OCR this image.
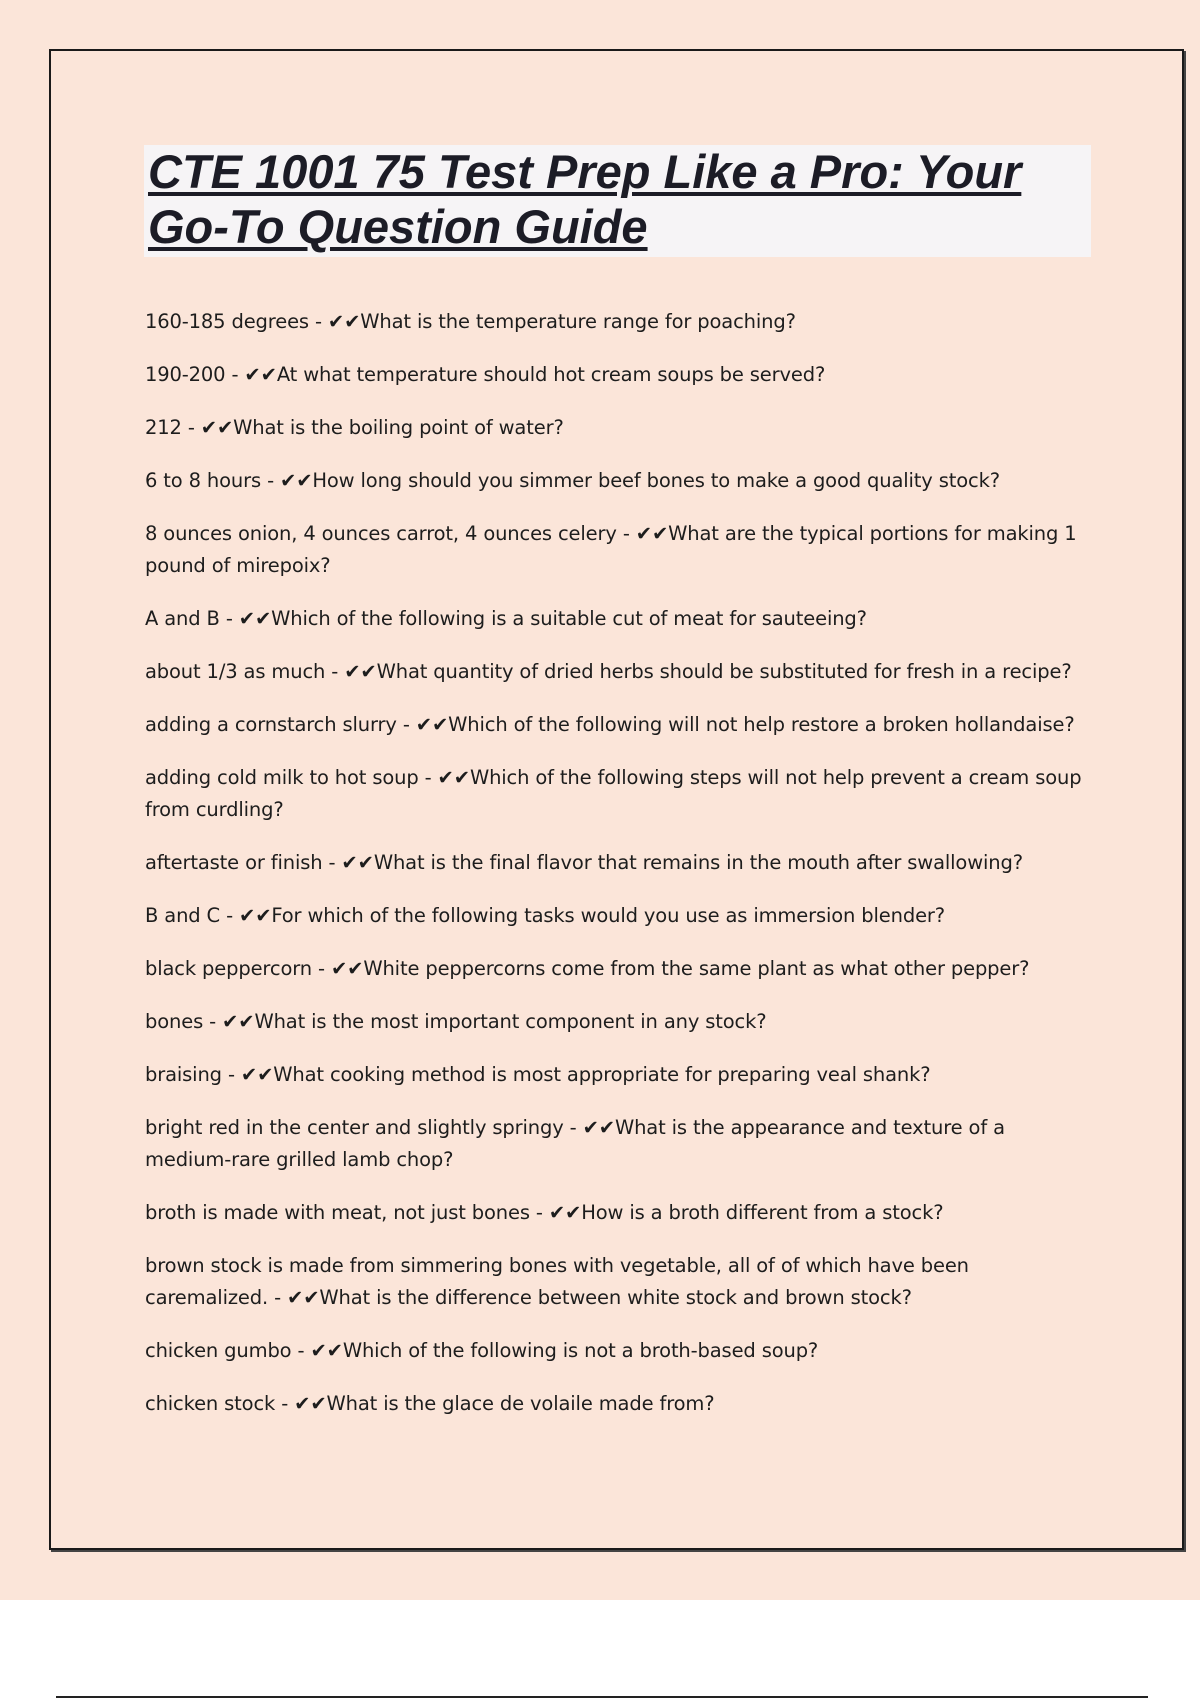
CTE 1001 75 Test Prep Like a Pro: Your Go-To Question Guide
160-185 degrees - ✔✔What is the temperature range for poaching?
190-200 - ✔✔At what temperature should hot cream soups be served?
212 - ✔✔What is the boiling point of water?
6 to 8 hours - ✔✔How long should you simmer beef bones to make a good quality stock?
8 ounces onion, 4 ounces carrot, 4 ounces celery - ✔✔What are the typical portions for making 1 pound of mirepoix?
A and B - ✔✔Which of the following is a suitable cut of meat for sauteeing?
about 1/3 as much - ✔✔What quantity of dried herbs should be substituted for fresh in a recipe?
adding a cornstarch slurry - ✔✔Which of the following will not help restore a broken hollandaise?
adding cold milk to hot soup - ✔✔Which of the following steps will not help prevent a cream soup from curdling?
aftertaste or finish - ✔✔What is the final flavor that remains in the mouth after swallowing?
B and C - ✔✔For which of the following tasks would you use as immersion blender?
black peppercorn - ✔✔White peppercorns come from the same plant as what other pepper?
bones - ✔✔What is the most important component in any stock?
braising - ✔✔What cooking method is most appropriate for preparing veal shank?
bright red in the center and slightly springy - ✔✔What is the appearance and texture of a medium-rare grilled lamb chop?
broth is made with meat, not just bones - ✔✔How is a broth different from a stock?
brown stock is made from simmering bones with vegetable, all of of which have been caremalized. - ✔✔What is the difference between white stock and brown stock?
chicken gumbo - ✔✔Which of the following is not a broth-based soup?
chicken stock - ✔✔What is the glace de volaile made from?
